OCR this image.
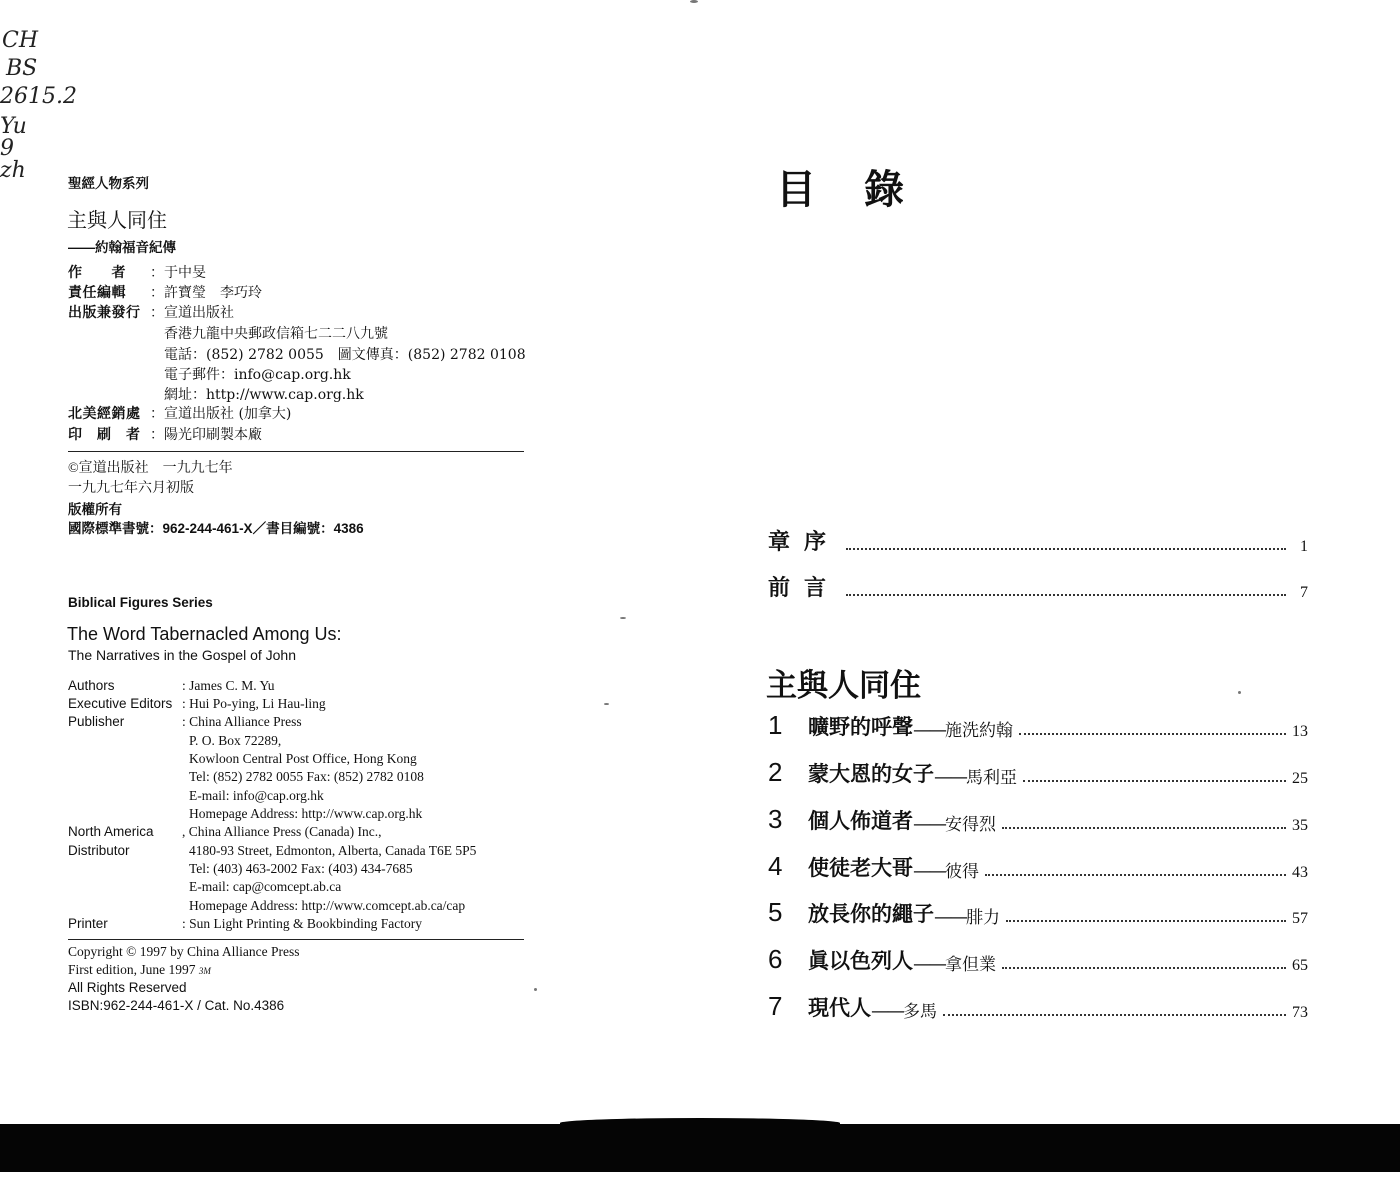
CH
BS
2615.2
Yu 9 zh
聖經人物系列
主與人同住
——約翰福音紀傳
作　　者 ：于中旻
責任編輯 ：許寶瑩　李巧玲
出版兼發行 ：宣道出版社
香港九龍中央郵政信箱七二二八九號
電話：(852) 2782 0055　圖文傳真：(852) 2782 0108
電子郵件：info@cap.org.hk
網址：http://www.cap.org.hk
北美經銷處 ：宣道出版社 (加拿大)
印　刷　者 ：陽光印刷製本廠
©宣道出版社　一九九七年
一九九七年六月初版
版權所有
國際標準書號：962-244-461-X／書目編號：4386
Biblical Figures Series
The Word Tabernacled Among Us:
The Narratives in the Gospel of John
Authors	: James C. M. Yu
Executive Editors : Hui Po-ying, Li Hau-ling
Publisher	: China Alliance Press
P. O. Box 72289,
Kowloon Central Post Office, Hong Kong
Tel: (852) 2782 0055 Fax: (852) 2782 0108
E-mail: info@cap.org.hk
Homepage Address: http://www.cap.org.hk
North America , China Alliance Press (Canada) Inc.,
Distributor	4180-93 Street, Edmonton, Alberta, Canada T6E 5P5
Tel: (403) 463-2002 Fax: (403) 434-7685
E-mail: cap@comcept.ab.ca
Homepage Address: http://www.comcept.ab.ca/cap
Printer	: Sun Light Printing & Bookbinding Factory
Copyright © 1997 by China Alliance Press
First edition, June 1997 3M
All Rights Reserved
ISBN:962-244-461-X / Cat. No.4386
目　錄
章序	1
前言	7
主與人同住
1	曠野的呼聲 —— 施洗約翰	13
2	蒙大恩的女子 —— 馬利亞	25
3	個人佈道者 —— 安得烈	35
4	使徒老大哥 —— 彼得	43
5	放長你的繩子 —— 腓力	57
6	眞以色列人 —— 拿但業	65
7	現代人 —— 多馬	73
